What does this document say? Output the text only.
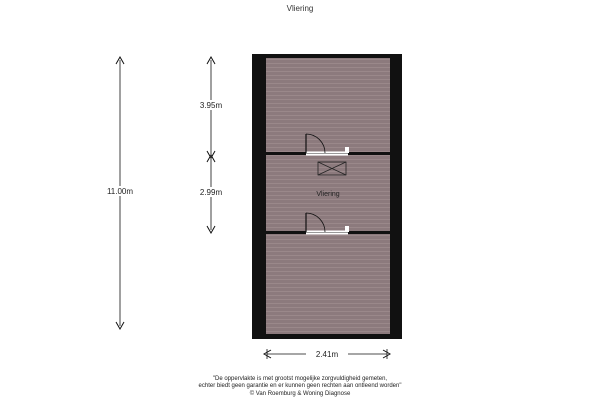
Vliering
Vliering
11.00m
3.95m
2.99m
2.41m
"De oppervlakte is met grootst mogelijke zorgvuldigheid gemeten,
echter biedt geen garantie en er kunnen geen rechten aan ontleend worden"
© Van Roemburg & Woning Diagnose
